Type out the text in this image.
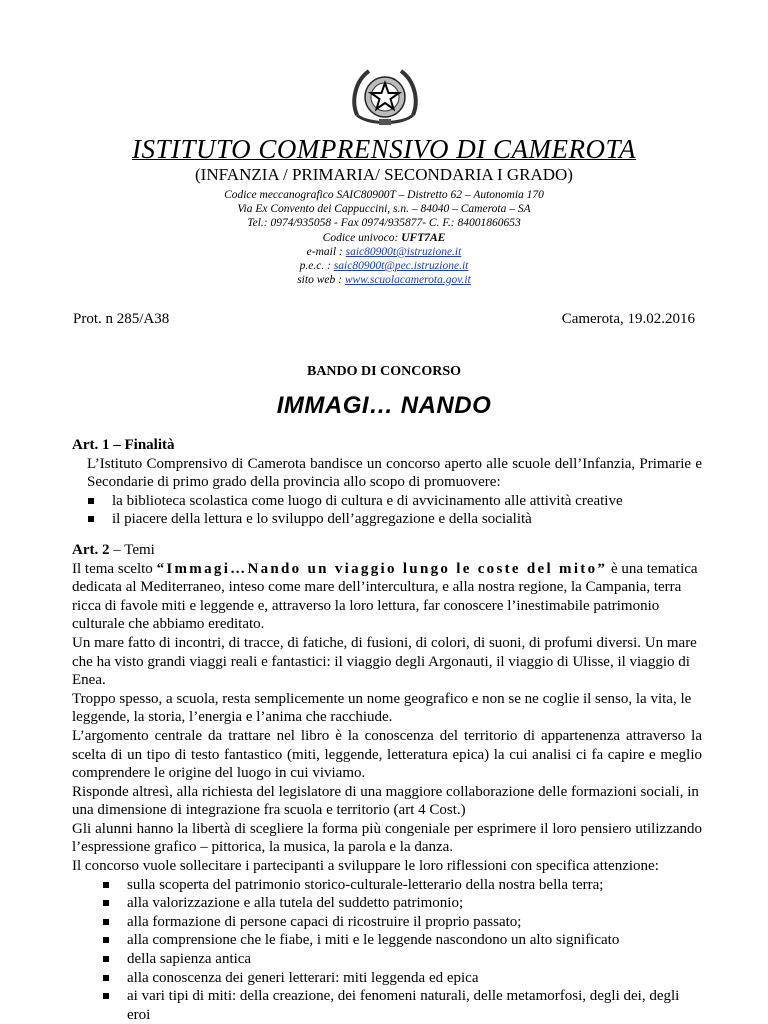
ISTITUTO COMPRENSIVO DI CAMEROTA
(INFANZIA / PRIMARIA/ SECONDARIA I GRADO)
Codice meccanografico SAIC80900T – Distretto 62 – Autonomia 170
Via Ex Convento dei Cappuccini, s.n. – 84040 – Camerota – SA
Tel.: 0974/935058 - Fax 0974/935877- C. F.: 84001860653
Codice univoco: UFT7AE
e-mail : saic80900t@istruzione.it
p.e.c. : saic80900t@pec.istruzione.it
sito web : www.scuolacamerota.gov.it
Prot. n 285/A38	Camerota, 19.02.2016
BANDO DI CONCORSO
IMMAGI… NANDO
Art. 1 – Finalità

L’Istituto Comprensivo di Camerota bandisce un concorso aperto alle scuole dell’Infanzia, Primarie e Secondarie di primo grado della provincia allo scopo di promuovere:

la biblioteca scolastica come luogo di cultura e di avvicinamento alle attività creative
il piacere della lettura e lo sviluppo dell’aggregazione e della socialità
Art. 2 – Temi

Il tema scelto “Immagi…Nando un viaggio lungo le coste del mito” è una tematica dedicata al Mediterraneo, inteso come mare dell’intercultura, e alla nostra regione, la Campania, terra ricca di favole miti e leggende e, attraverso la loro lettura, far conoscere l’inestimabile patrimonio culturale che abbiamo ereditato.

Un mare fatto di incontri, di tracce, di fatiche, di fusioni, di colori, di suoni, di profumi diversi. Un mare che ha visto grandi viaggi reali e fantastici: il viaggio degli Argonauti, il viaggio di Ulisse, il viaggio di Enea.

Troppo spesso, a scuola, resta semplicemente un nome geografico e non se ne coglie il senso, la vita, le leggende, la storia, l’energia e l’anima che racchiude.

L’argomento centrale da trattare nel libro è la conoscenza del territorio di appartenenza attraverso la scelta di un tipo di testo fantastico (miti, leggende, letteratura epica) la cui analisi ci fa capire e meglio comprendere le origine del luogo in cui viviamo.

Risponde altresì, alla richiesta del legislatore di una maggiore collaborazione delle formazioni sociali, in una dimensione di integrazione fra scuola e territorio (art 4 Cost.)

Gli alunni hanno la libertà di scegliere la forma più congeniale per esprimere il loro pensiero utilizzando l’espressione grafico – pittorica, la musica, la parola e la danza.

Il concorso vuole sollecitare i partecipanti a sviluppare le loro riflessioni con specifica attenzione:

sulla scoperta del patrimonio storico-culturale-letterario della nostra bella terra;
alla valorizzazione e alla tutela del suddetto patrimonio;
alla formazione di persone capaci di ricostruire il proprio passato;
alla comprensione che le fiabe, i miti e le leggende nascondono un alto significato
della sapienza antica
alla conoscenza dei generi letterari: miti leggenda ed epica
ai vari tipi di miti: della creazione, dei fenomeni naturali, delle metamorfosi, degli dei, degli eroi
